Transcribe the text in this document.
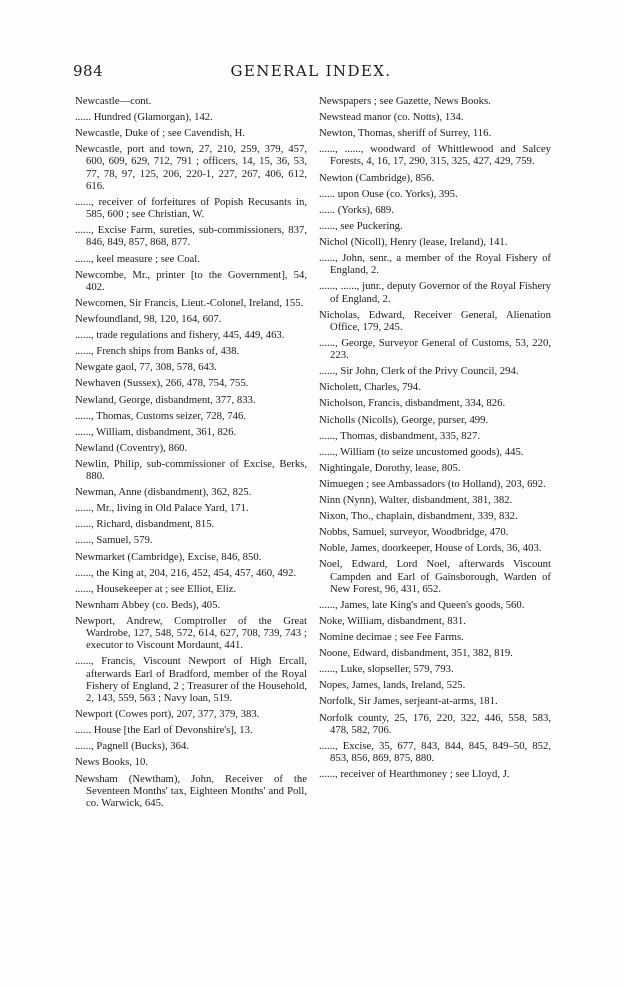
984	GENERAL INDEX.
Newcastle—cont.
...... Hundred (Glamorgan), 142.
Newcastle, Duke of ; see Cavendish, H.
Newcastle, port and town, 27, 210, 259, 379, 457, 600, 609, 629, 712, 791 ; officers, 14, 15, 36, 53, 77, 78, 97, 125, 206, 220-1, 227, 267, 406, 612, 616.
......, receiver of forfeitures of Popish Recusants in, 585, 600 ; see Christian, W.
......, Excise Farm, sureties, sub-commissioners, 837, 846, 849, 857, 868, 877.
......, keel measure ; see Coal.
Newcombe, Mr., printer [to the Government], 54, 402.
Newcomen, Sir Francis, Lieut.-Colonel, Ireland, 155.
Newfoundland, 98, 120, 164, 607.
......, trade regulations and fishery, 445, 449, 463.
......, French ships from Banks of, 438.
Newgate gaol, 77, 308, 578, 643.
Newhaven (Sussex), 266, 478, 754, 755.
Newland, George, disbandment, 377, 833.
......, Thomas, Customs seizer, 728, 746.
......, William, disbandment, 361, 826.
Newland (Coventry), 860.
Newlin, Philip, sub-commissioner of Excise, Berks, 880.
Newman, Anne (disbandment), 362, 825.
......, Mr., living in Old Palace Yard, 171.
......, Richard, disbandment, 815.
......, Samuel, 579.
Newmarket (Cambridge), Excise, 846, 850.
......, the King at, 204, 216, 452, 454, 457, 460, 492.
......, Housekeeper at ; see Elliot, Eliz.
Newnham Abbey (co. Beds), 405.
Newport, Andrew, Comptroller of the Great Wardrobe, 127, 548, 572, 614, 627, 708, 739, 743 ; executor to Viscount Mordaunt, 441.
......, Francis, Viscount Newport of High Ercall, afterwards Earl of Bradford, member of the Royal Fishery of England, 2 ; Treasurer of the Household, 2, 143, 559, 563 ; Navy loan, 519.
Newport (Cowes port), 207, 377, 379, 383.
...... House [the Earl of Devonshire's], 13.
......, Pagnell (Bucks), 364.
News Books, 10.
Newsham (Newtham), John, Receiver of the Seventeen Months' tax, Eighteen Months' and Poll, co. Warwick, 645.
Newspapers ; see Gazette, News Books.
Newstead manor (co. Notts), 134.
Newton, Thomas, sheriff of Surrey, 116.
......, ......, woodward of Whittlewood and Salcey Forests, 4, 16, 17, 290, 315, 325, 427, 429, 759.
Newton (Cambridge), 856.
...... upon Ouse (co. Yorks), 395.
...... (Yorks), 689.
......, see Puckering.
Nichol (Nicoll), Henry (lease, Ireland), 141.
......, John, senr., a member of the Royal Fishery of England, 2.
......, ......, junr., deputy Governor of the Royal Fishery of England, 2.
Nicholas, Edward, Receiver General, Alienation Office, 179, 245.
......, George, Surveyor General of Customs, 53, 220, 223.
......, Sir John, Clerk of the Privy Council, 294.
Nicholett, Charles, 794.
Nicholson, Francis, disbandment, 334, 826.
Nicholls (Nicolls), George, purser, 499.
......, Thomas, disbandment, 335, 827.
......, William (to seize uncustomed goods), 445.
Nightingale, Dorothy, lease, 805.
Nimuegen ; see Ambassadors (to Holland), 203, 692.
Ninn (Nynn), Walter, disbandment, 381, 382.
Nixon, Tho., chaplain, disbandment, 339, 832.
Nobbs, Samuel, surveyor, Woodbridge, 470.
Noble, James, doorkeeper, House of Lords, 36, 403.
Noel, Edward, Lord Noel, afterwards Viscount Campden and Earl of Gainsborough, Warden of New Forest, 96, 431, 652.
......, James, late King's and Queen's goods, 560.
Noke, William, disbandment, 831.
Nomine decimae ; see Fee Farms.
Noone, Edward, disbandment, 351, 382, 819.
......, Luke, slopseller, 579, 793.
Nopes, James, lands, Ireland, 525.
Norfolk, Sir James, serjeant-at-arms, 181.
Norfolk county, 25, 176, 220, 322, 446, 558, 583, 478, 582, 706.
......, Excise, 35, 677, 843, 844, 845, 849–50, 852, 853, 856, 869, 875, 880.
......, receiver of Hearthmoney ; see Lloyd, J.
